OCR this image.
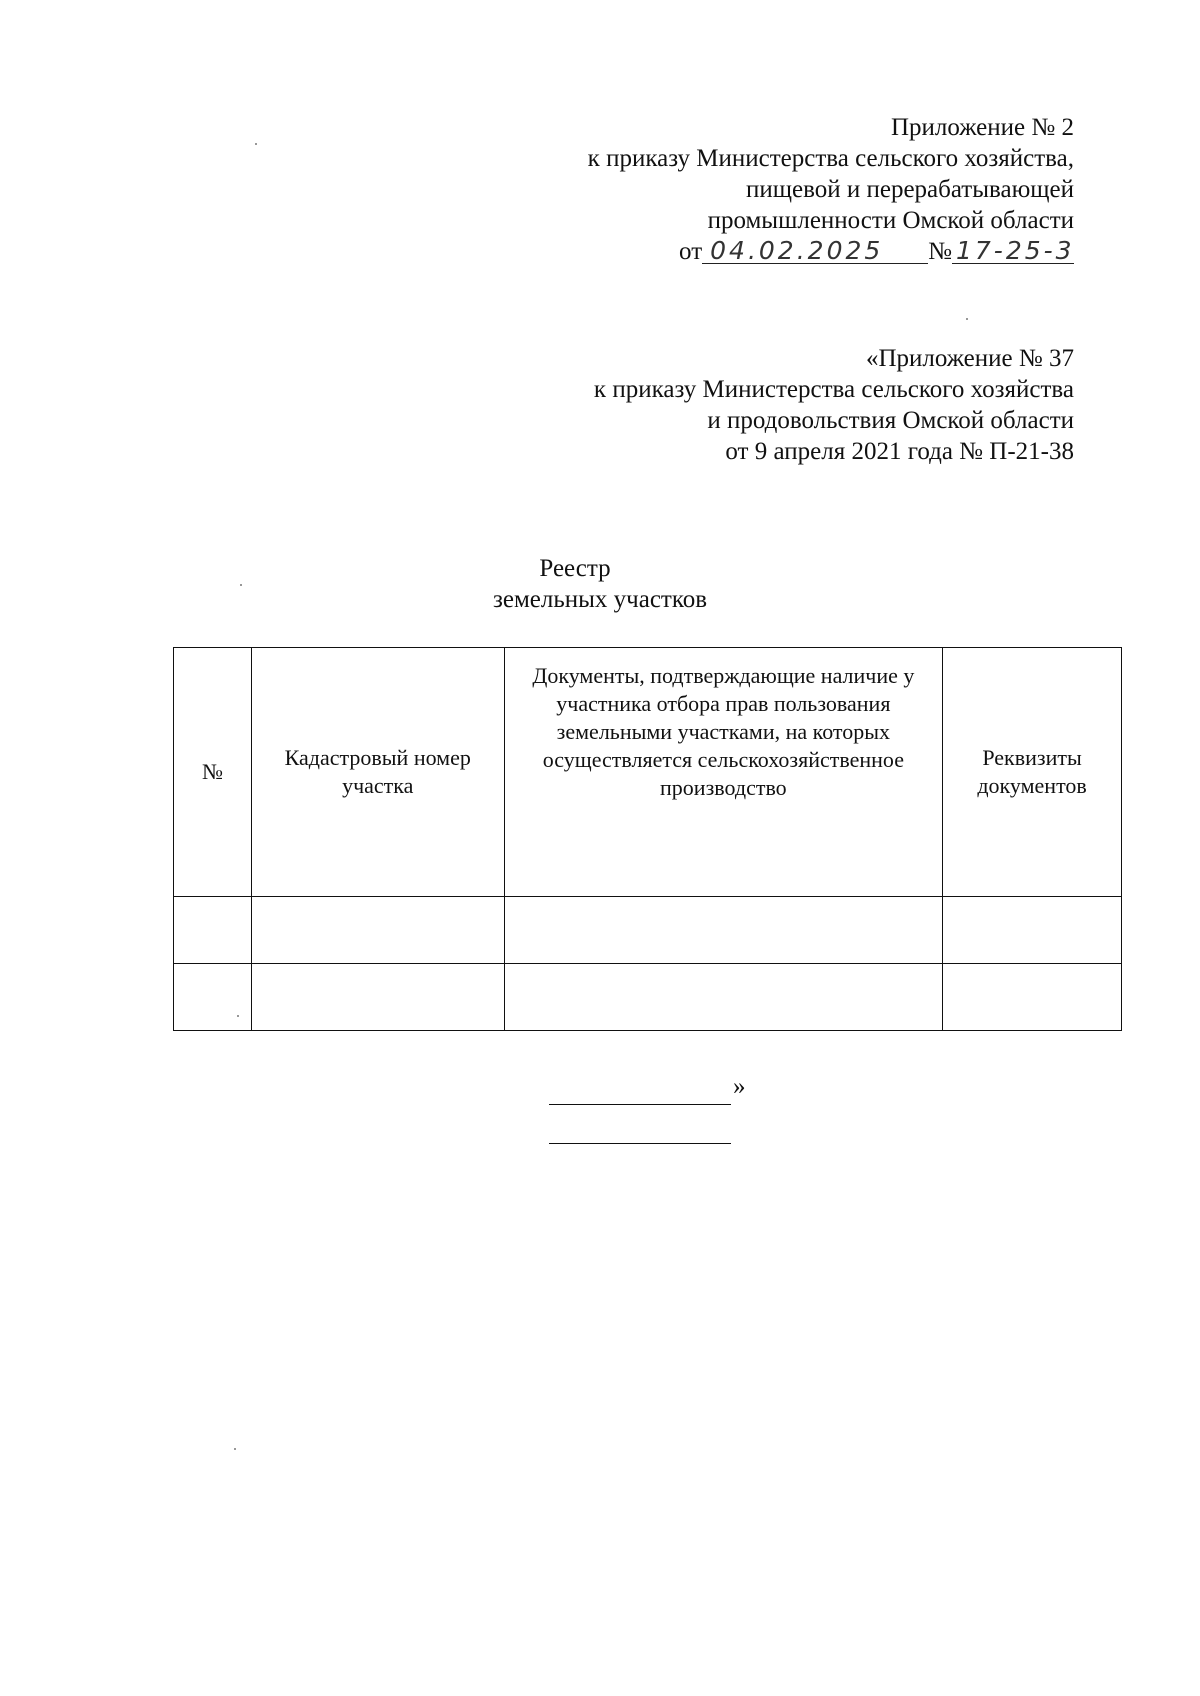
Приложение № 2
к приказу Министерства сельского хозяйства,
пищевой и перерабатывающей
промышленности Омской области
от 04.02.2025 № 17-25-3
«Приложение № 37
к приказу Министерства сельского хозяйства
и продовольствия Омской области
от 9 апреля 2021 года № П-21-38
Реестр
земельных участков
№	Кадастровый номер участка	Документы, подтверждающие наличие у участника отбора прав пользования земельными участками, на которых осуществляется сельскохозяйственное производство	Реквизиты документов

»
